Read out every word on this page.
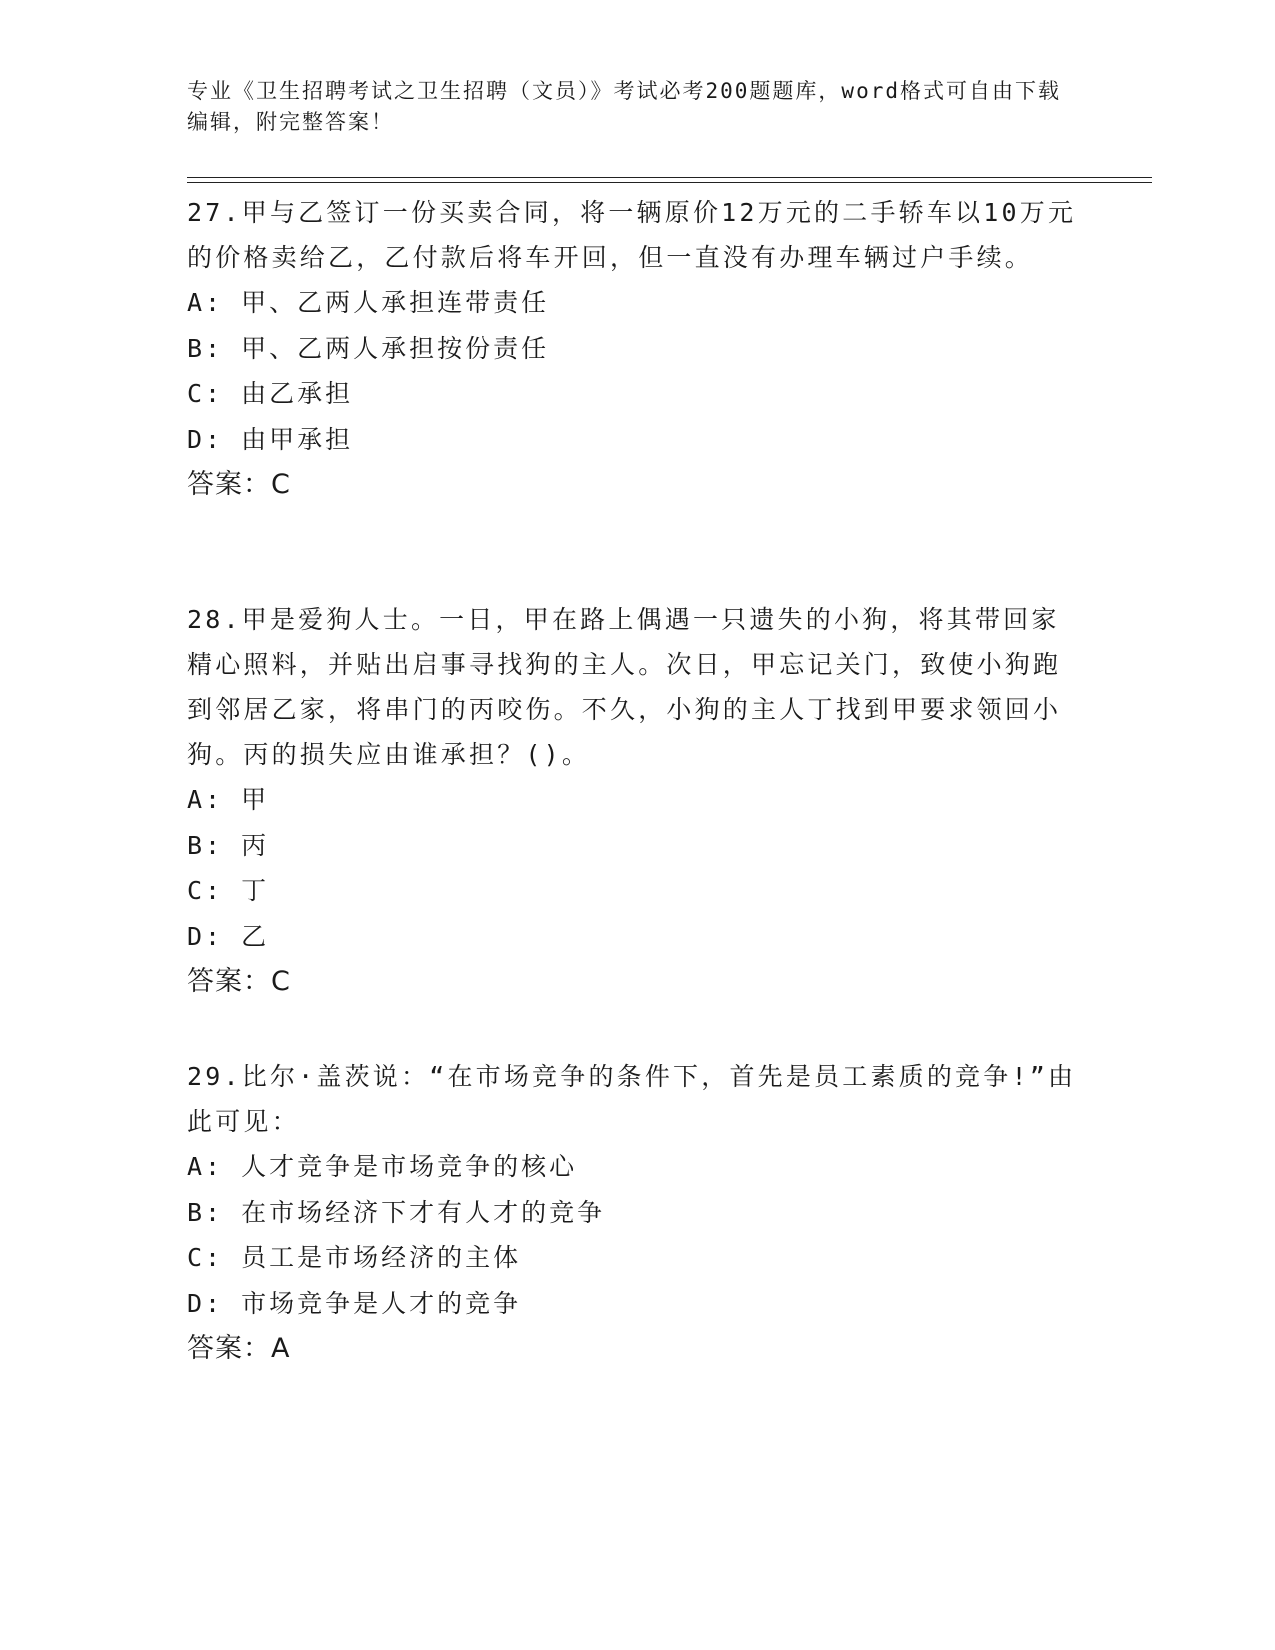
专业《卫生招聘考试之卫生招聘（文员）》考试必考200题题库，word格式可自由下载编辑，附完整答案！
27.甲与乙签订一份买卖合同，将一辆原价12万元的二手轿车以10万元的价格卖给乙，乙付款后将车开回，但一直没有办理车辆过户手续。
A: 甲、乙两人承担连带责任
B: 甲、乙两人承担按份责任
C: 由乙承担
D: 由甲承担
答案：C
28.甲是爱狗人士。一日，甲在路上偶遇一只遗失的小狗，将其带回家精心照料，并贴出启事寻找狗的主人。次日，甲忘记关门，致使小狗跑到邻居乙家，将串门的丙咬伤。不久，小狗的主人丁找到甲要求领回小狗。丙的损失应由谁承担？()。
A: 甲
B: 丙
C: 丁
D: 乙
答案：C
29.比尔·盖茨说：“在市场竞争的条件下，首先是员工素质的竞争!”由此可见：
A: 人才竞争是市场竞争的核心
B: 在市场经济下才有人才的竞争
C: 员工是市场经济的主体
D: 市场竞争是人才的竞争
答案：A
